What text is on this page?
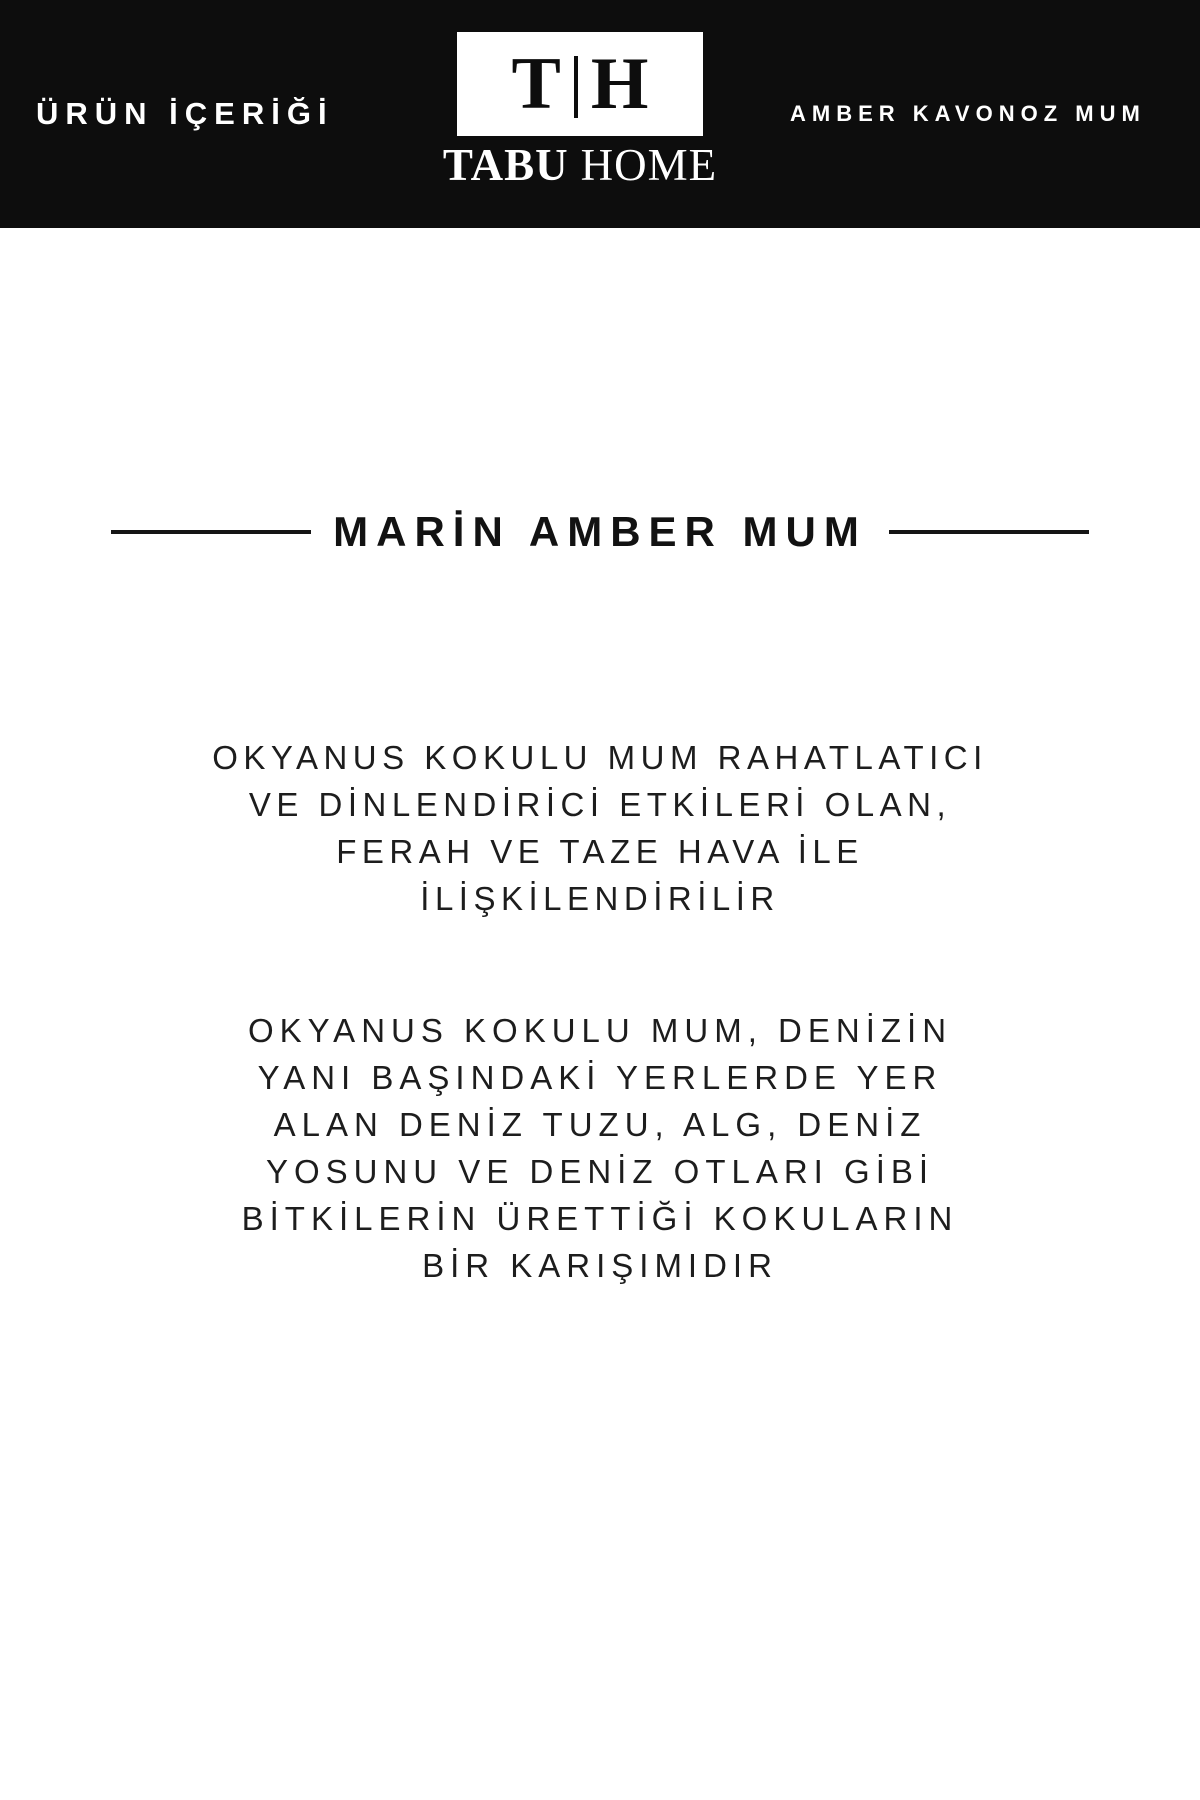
ÜRÜN İÇERİĞİ	T H
TABU HOME
AMBER KAVONOZ MUM
MARİN AMBER MUM

OKYANUS KOKULU MUM RAHATLATICI
VE DİNLENDİRİCİ ETKİLERİ OLAN,
FERAH VE TAZE HAVA İLE
İLİŞKİLENDİRİLİR

OKYANUS KOKULU MUM, DENİZİN
YANI BAŞINDAKİ YERLERDE YER
ALAN DENİZ TUZU, ALG, DENİZ
YOSUNU VE DENİZ OTLARI GİBİ
BİTKİLERİN ÜRETTİĞİ KOKULARIN
BİR KARIŞIMIDIR
